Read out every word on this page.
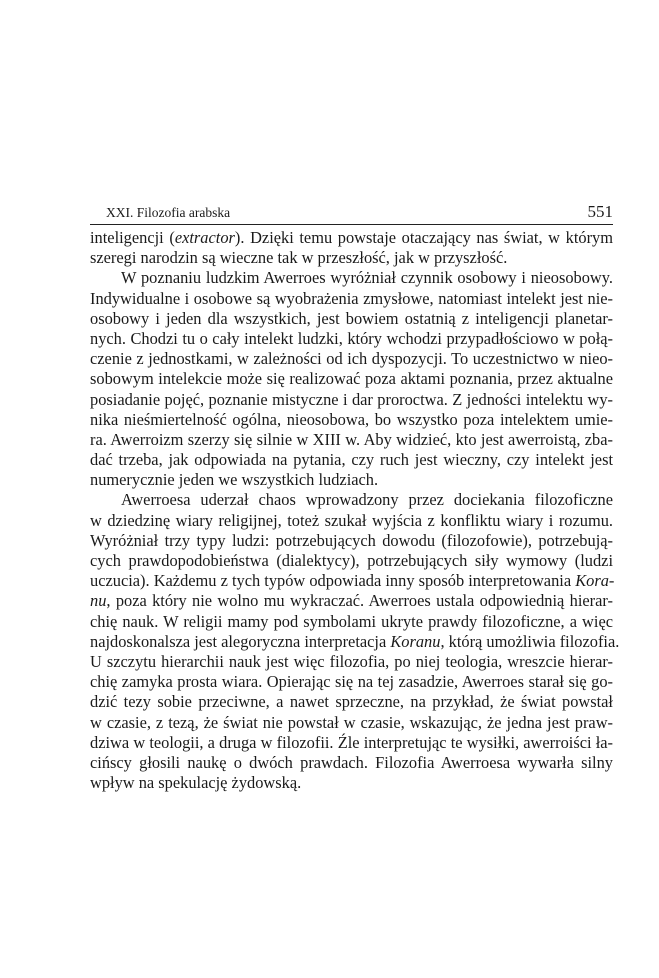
XXI. Filozofia arabska	551
inteligencji (extractor). Dzięki temu powstaje otaczający nas świat, w którym
szeregi narodzin są wieczne tak w przeszłość, jak w przyszłość.
W poznaniu ludzkim Awerroes wyróżniał czynnik osobowy i nieosobowy.
Indywidualne i osobowe są wyobrażenia zmysłowe, natomiast intelekt jest nie-
osobowy i jeden dla wszystkich, jest bowiem ostatnią z inteligencji planetar-
nych. Chodzi tu o cały intelekt ludzki, który wchodzi przypadłościowo w połą-
czenie z jednostkami, w zależności od ich dyspozycji. To uczestnictwo w nieo-
sobowym intelekcie może się realizować poza aktami poznania, przez aktualne
posiadanie pojęć, poznanie mistyczne i dar proroctwa. Z jedności intelektu wy-
nika nieśmiertelność ogólna, nieosobowa, bo wszystko poza intelektem umie-
ra. Awerroizm szerzy się silnie w XIII w. Aby widzieć, kto jest awerroistą, zba-
dać trzeba, jak odpowiada na pytania, czy ruch jest wieczny, czy intelekt jest
numerycznie jeden we wszystkich ludziach.
Awerroesa uderzał chaos wprowadzony przez dociekania filozoficzne
w dziedzinę wiary religijnej, toteż szukał wyjścia z konfliktu wiary i rozumu.
Wyróżniał trzy typy ludzi: potrzebujących dowodu (filozofowie), potrzebują-
cych prawdopodobieństwa (dialektycy), potrzebujących siły wymowy (ludzi
uczucia). Każdemu z tych typów odpowiada inny sposób interpretowania Kora-
nu, poza który nie wolno mu wykraczać. Awerroes ustala odpowiednią hierar-
chię nauk. W religii mamy pod symbolami ukryte prawdy filozoficzne, a więc
najdoskonalsza jest alegoryczna interpretacja Koranu, którą umożliwia filozofia.
U szczytu hierarchii nauk jest więc filozofia, po niej teologia, wreszcie hierar-
chię zamyka prosta wiara. Opierając się na tej zasadzie, Awerroes starał się go-
dzić tezy sobie przeciwne, a nawet sprzeczne, na przykład, że świat powstał
w czasie, z tezą, że świat nie powstał w czasie, wskazując, że jedna jest praw-
dziwa w teologii, a druga w filozofii. Źle interpretując te wysiłki, awerroiści ła-
cińscy głosili naukę o dwóch prawdach. Filozofia Awerroesa wywarła silny
wpływ na spekulację żydowską.
